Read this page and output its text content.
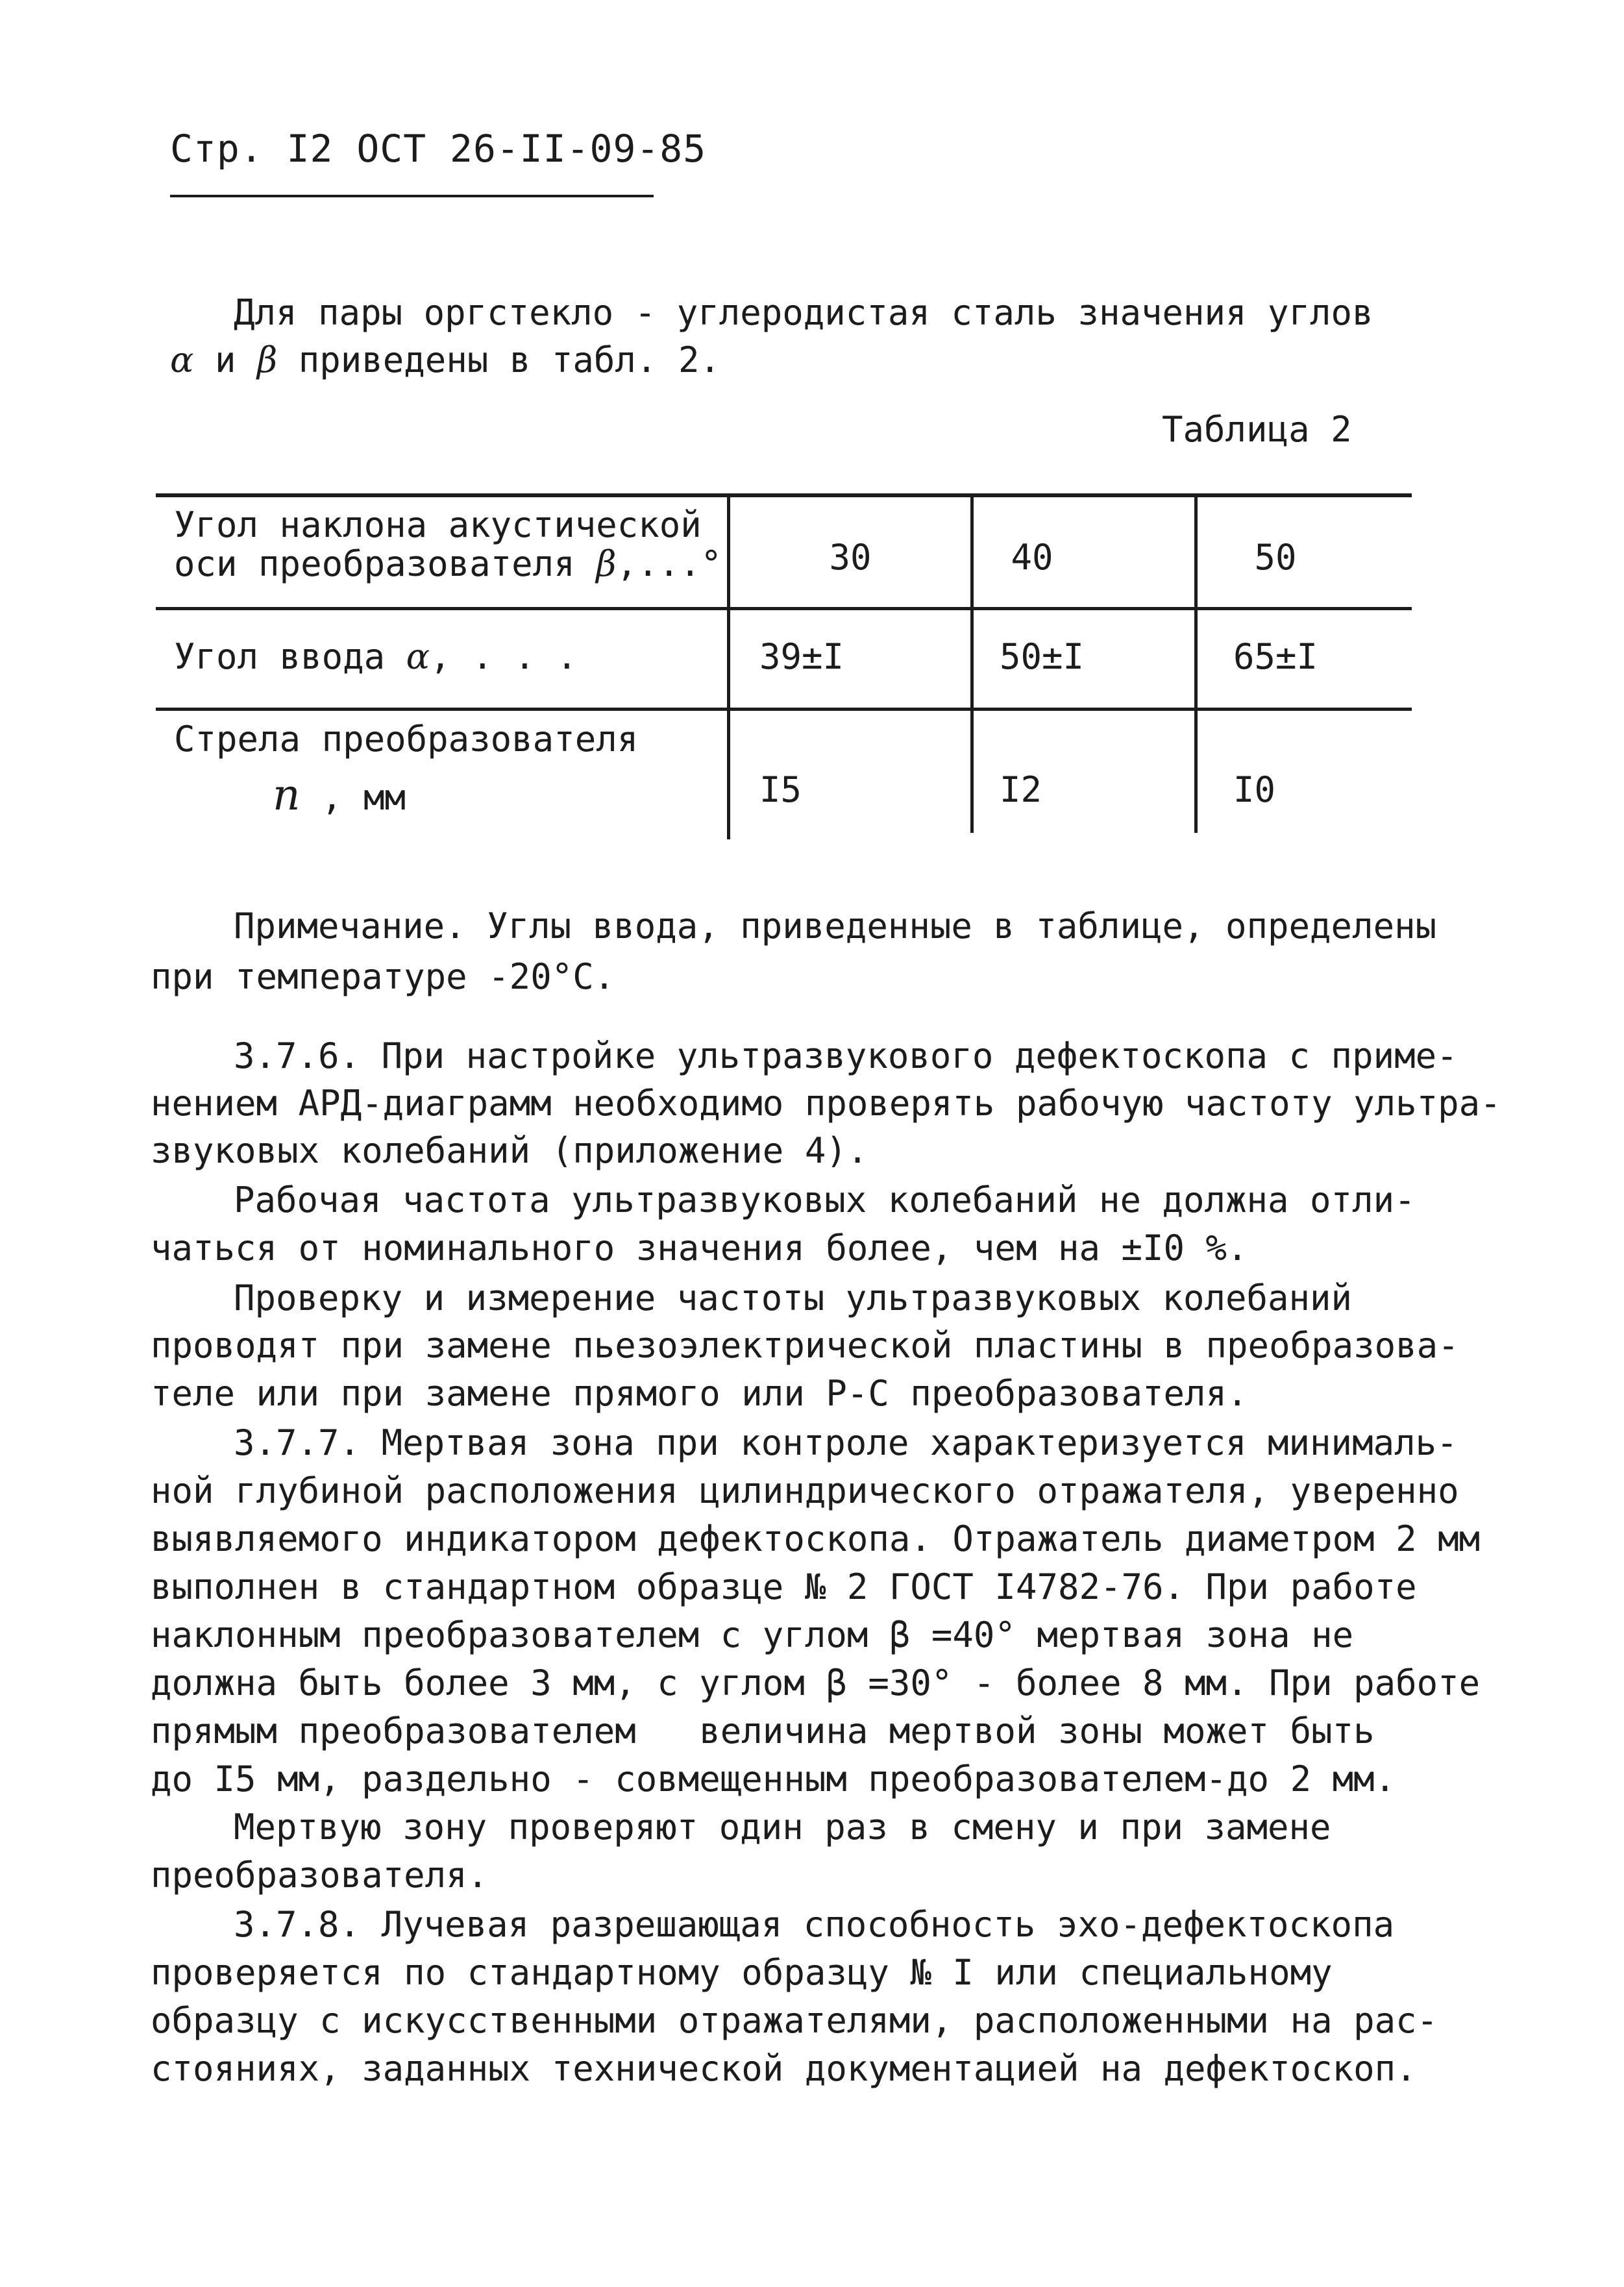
Стр. I2 ОСТ 26-II-09-85
Для пары оргстекло - углеродистая сталь значения углов
α и β приведены в табл. 2.
Таблица 2
Угол наклона акустической
оси преобразователя β,...°	30	40	50
Угол ввода α, . . .	39±I	50±I	65±I
Стрела преобразователя
n , мм	I5	I2	I0
Примечание. Углы ввода, приведенные в таблице, определены
при температуре -20°С.
3.7.6. При настройке ультразвукового дефектоскопа с приме-
нением АРД-диаграмм необходимо проверять рабочую частоту ультра-
звуковых колебаний (приложение 4).
Рабочая частота ультразвуковых колебаний не должна отли-
чаться от номинального значения более, чем на ±I0 %.
Проверку и измерение частоты ультразвуковых колебаний
проводят при замене пьезоэлектрической пластины в преобразова-
теле или при замене прямого или Р-С преобразователя.
3.7.7. Мертвая зона при контроле характеризуется минималь-
ной глубиной расположения цилиндрического отражателя, уверенно
выявляемого индикатором дефектоскопа. Отражатель диаметром 2 мм
выполнен в стандартном образце № 2 ГОСТ I4782-76. При работе
наклонным преобразователем с углом β =40° мертвая зона не
должна быть более 3 мм, с углом β =30° - более 8 мм. При работе
прямым преобразователем   величина мертвой зоны может быть
до I5 мм, раздельно - совмещенным преобразователем-до 2 мм.
Мертвую зону проверяют один раз в смену и при замене
преобразователя.
3.7.8. Лучевая разрешающая способность эхо-дефектоскопа
проверяется по стандартному образцу № I или специальному
образцу с искусственными отражателями, расположенными на рас-
стояниях, заданных технической документацией на дефектоскоп.
